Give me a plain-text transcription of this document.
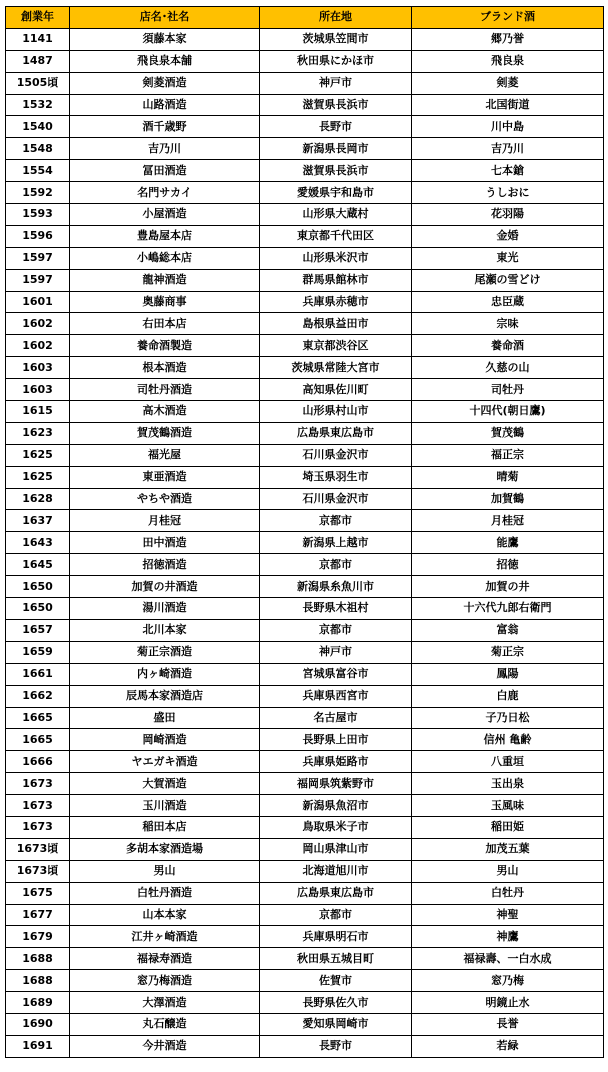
創業年	店名･社名	所在地	ブランド酒
1141	須藤本家	茨城県笠間市	郷乃誉
1487	飛良泉本舗	秋田県にかほ市	飛良泉
1505頃	剣菱酒造	神戸市	剣菱
1532	山路酒造	滋賀県長浜市	北国街道
1540	酒千歳野	長野市	川中島
1548	吉乃川	新潟県長岡市	吉乃川
1554	冨田酒造	滋賀県長浜市	七本鎗
1592	名門サカイ	愛媛県宇和島市	うしおに
1593	小屋酒造	山形県大蔵村	花羽陽
1596	豊島屋本店	東京都千代田区	金婚
1597	小嶋総本店	山形県米沢市	東光
1597	龍神酒造	群馬県館林市	尾瀬の雪どけ
1601	奥藤商事	兵庫県赤穂市	忠臣蔵
1602	右田本店	島根県益田市	宗味
1602	養命酒製造	東京都渋谷区	養命酒
1603	根本酒造	茨城県常陸大宮市	久慈の山
1603	司牡丹酒造	高知県佐川町	司牡丹
1615	高木酒造	山形県村山市	十四代(朝日鷹)
1623	賀茂鶴酒造	広島県東広島市	賀茂鶴
1625	福光屋	石川県金沢市	福正宗
1625	東亜酒造	埼玉県羽生市	晴菊
1628	やちや酒造	石川県金沢市	加賀鶴
1637	月桂冠	京都市	月桂冠
1643	田中酒造	新潟県上越市	能鷹
1645	招徳酒造	京都市	招徳
1650	加賀の井酒造	新潟県糸魚川市	加賀の井
1650	湯川酒造	長野県木祖村	十六代九郎右衛門
1657	北川本家	京都市	富翁
1659	菊正宗酒造	神戸市	菊正宗
1661	内ヶ崎酒造	宮城県富谷市	鳳陽
1662	辰馬本家酒造店	兵庫県西宮市	白鹿
1665	盛田	名古屋市	子乃日松
1665	岡崎酒造	長野県上田市	信州 亀齢
1666	ヤエガキ酒造	兵庫県姫路市	八重垣
1673	大賀酒造	福岡県筑紫野市	玉出泉
1673	玉川酒造	新潟県魚沼市	玉風味
1673	稲田本店	鳥取県米子市	稲田姫
1673頃	多胡本家酒造場	岡山県津山市	加茂五葉
1673頃	男山	北海道旭川市	男山
1675	白牡丹酒造	広島県東広島市	白牡丹
1677	山本本家	京都市	神聖
1679	江井ヶ崎酒造	兵庫県明石市	神鷹
1688	福禄寿酒造	秋田県五城目町	福禄壽、一白水成
1688	窓乃梅酒造	佐賀市	窓乃梅
1689	大澤酒造	長野県佐久市	明鏡止水
1690	丸石醸造	愛知県岡崎市	長誉
1691	今井酒造	長野市	若緑
